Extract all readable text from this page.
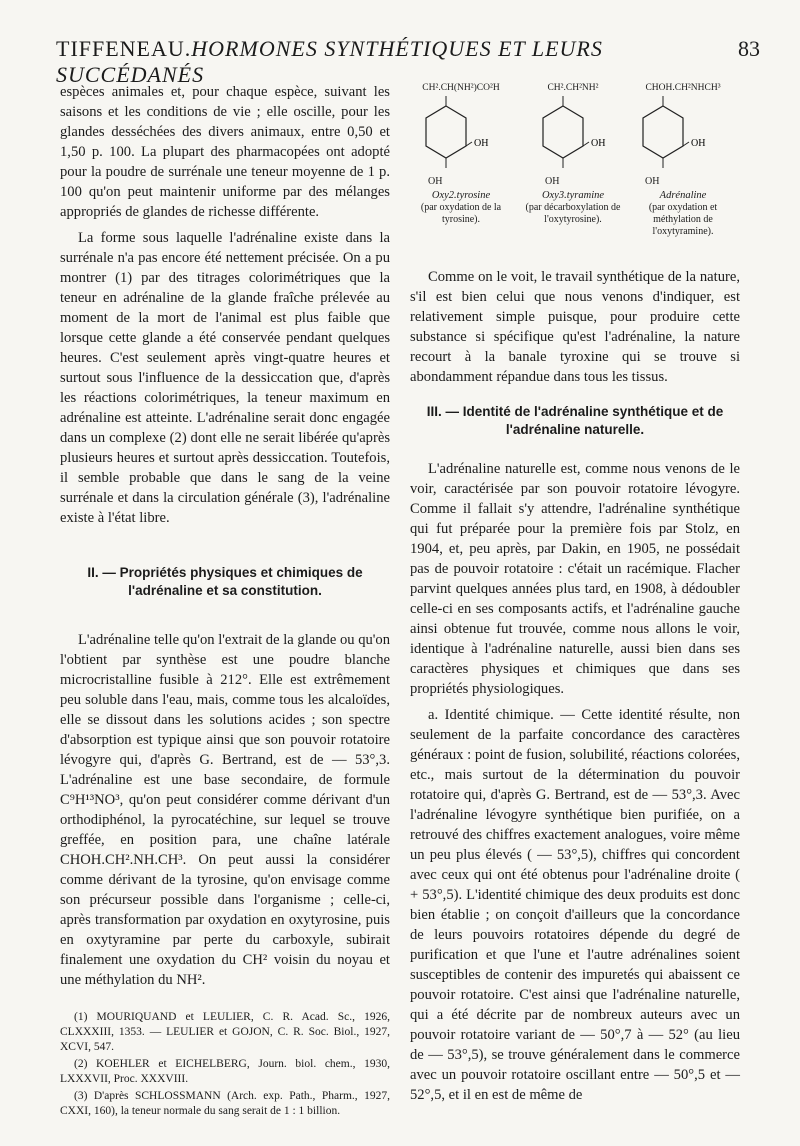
TIFFENEAU.HORMONES SYNTHÉTIQUES ET LEURS SUCCÉDANÉS
83

espèces animales et, pour chaque espèce, suivant les saisons et les conditions de vie ; elle oscille, pour les glandes desséchées des divers animaux, entre 0,50 et 1,50 p. 100. La plupart des pharmacopées ont adopté pour la poudre de surrénale une teneur moyenne de 1 p. 100 qu'on peut maintenir uniforme par des mélanges appropriés de glandes de richesse différente.

La forme sous laquelle l'adrénaline existe dans la surrénale n'a pas encore été nettement précisée. On a pu montrer (1) par des titrages colorimétriques que la teneur en adrénaline de la glande fraîche prélevée au moment de la mort de l'animal est plus faible que lorsque cette glande a été conservée pendant quelques heures. C'est seulement après vingt-quatre heures et surtout sous l'influence de la dessiccation que, d'après les réactions colorimétriques, la teneur maximum en adrénaline est atteinte. L'adrénaline serait donc engagée dans un complexe (2) dont elle ne serait libérée qu'après plusieurs heures et surtout après dessiccation. Toutefois, il semble probable que dans le sang de la veine surrénale et dans la circulation générale (3), l'adrénaline existe à l'état libre.

II. — Propriétés physiques et chimiques de l'adrénaline et sa constitution.

L'adrénaline telle qu'on l'extrait de la glande ou qu'on l'obtient par synthèse est une poudre blanche microcristalline fusible à 212°. Elle est extrêmement peu soluble dans l'eau, mais, comme tous les alcaloïdes, elle se dissout dans les solutions acides ; son spectre d'absorption est typique ainsi que son pouvoir rotatoire lévogyre qui, d'après G. Bertrand, est de — 53°,3. L'adrénaline est une base secondaire, de formule C⁹H¹³NO³, qu'on peut considérer comme dérivant d'un orthodiphénol, la pyrocatéchine, sur lequel se trouve greffée, en position para, une chaîne latérale CHOH.CH².NH.CH³. On peut aussi la considérer comme dérivant de la tyrosine, qu'on envisage comme son précurseur possible dans l'organisme ; celle-ci, après transformation par oxydation en oxytyrosine, puis en oxytyramine par perte du carboxyle, subirait finalement une oxydation du CH² voisin du noyau et une méthylation du NH².

(1) MOURIQUAND et LEULIER, C. R. Acad. Sc., 1926, CLXXXIII, 1353. — LEULIER et GOJON, C. R. Soc. Biol., 1927, XCVI, 547.
(2) KOEHLER et EICHELBERG, Journ. biol. chem., 1930, LXXXVII, Proc. XXXVIII.
(3) D'après SCHLOSSMANN (Arch. exp. Path., Pharm., 1927, CXXI, 160), la teneur normale du sang serait de 1 : 1 billion.
CH².CH(NH²)CO²H
OH
OH
Oxy2.tyrosine
(par oxydation de la tyrosine).
CH².CH²NH²
OH
OH
Oxy3.tyramine
(par décarboxylation de l'oxytyrosine).
CHOH.CH²NHCH³
OH
OH
Adrénaline
(par oxydation et méthylation de l'oxytyramine).

Comme on le voit, le travail synthétique de la nature, s'il est bien celui que nous venons d'indiquer, est relativement simple puisque, pour produire cette substance si spécifique qu'est l'adrénaline, la nature recourt à la banale tyroxine qui se trouve si abondamment répandue dans tous les tissus.

III. — Identité de l'adrénaline synthétique et de l'adrénaline naturelle.

L'adrénaline naturelle est, comme nous venons de le voir, caractérisée par son pouvoir rotatoire lévogyre. Comme il fallait s'y attendre, l'adrénaline synthétique qui fut préparée pour la première fois par Stolz, en 1904, et, peu après, par Dakin, en 1905, ne possédait pas de pouvoir rotatoire : c'était un racémique. Flacher parvint quelques années plus tard, en 1908, à dédoubler celle-ci en ses composants actifs, et l'adrénaline gauche ainsi obtenue fut trouvée, comme nous allons le voir, identique à l'adrénaline naturelle, aussi bien dans ses caractères physiques et chimiques que dans ses propriétés physiologiques.

a. Identité chimique. — Cette identité résulte, non seulement de la parfaite concordance des caractères généraux : point de fusion, solubilité, réactions colorées, etc., mais surtout de la détermination du pouvoir rotatoire qui, d'après G. Bertrand, est de — 53°,3. Avec l'adrénaline lévogyre synthétique bien purifiée, on a retrouvé des chiffres exactement analogues, voire même un peu plus élevés ( — 53°,5), chiffres qui concordent avec ceux qui ont été obtenus pour l'adrénaline droite ( + 53°,5). L'identité chimique des deux produits est donc bien établie ; on conçoit d'ailleurs que la concordance de leurs pouvoirs rotatoires dépende du degré de purification et que l'une et l'autre adrénalines soient susceptibles de contenir des impuretés qui abaissent ce pouvoir rotatoire. C'est ainsi que l'adrénaline naturelle, qui a été décrite par de nombreux auteurs avec un pouvoir rotatoire variant de — 50°,7 à — 52° (au lieu de — 53°,5), se trouve généralement dans le commerce avec un pouvoir rotatoire oscillant entre — 50°,5 et — 52°,5, et il en est de même de
